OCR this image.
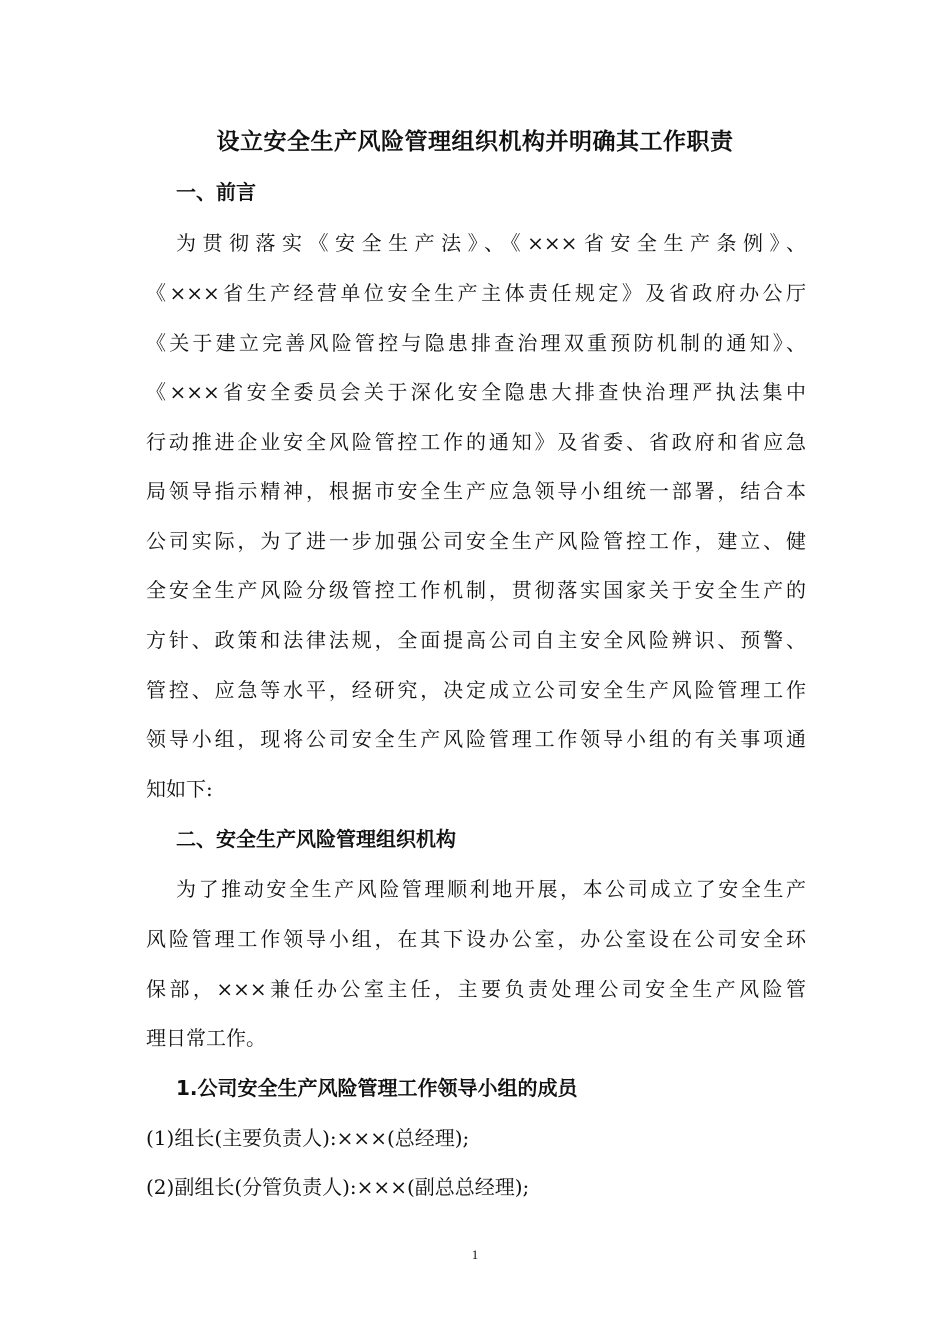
设立安全生产风险管理组织机构并明确其工作职责
一、前言
为贯彻落实《安全生产法》、《×××省安全生产条例》、
《×××省生产经营单位安全生产主体责任规定》及省政府办公厅
《关于建立完善风险管控与隐患排查治理双重预防机制的通知》、
《×××省安全委员会关于深化安全隐患大排查快治理严执法集中
行动推进企业安全风险管控工作的通知》及省委、省政府和省应急
局领导指示精神，根据市安全生产应急领导小组统一部署，结合本
公司实际，为了进一步加强公司安全生产风险管控工作，建立、健
全安全生产风险分级管控工作机制，贯彻落实国家关于安全生产的
方针、政策和法律法规，全面提高公司自主安全风险辨识、预警、
管控、应急等水平，经研究，决定成立公司安全生产风险管理工作
领导小组，现将公司安全生产风险管理工作领导小组的有关事项通
知如下:
二、安全生产风险管理组织机构
为了推动安全生产风险管理顺利地开展，本公司成立了安全生产
风险管理工作领导小组，在其下设办公室，办公室设在公司安全环
保部，×××兼任办公室主任，主要负责处理公司安全生产风险管
理日常工作。
1.公司安全生产风险管理工作领导小组的成员
(1)组长(主要负责人):×××(总经理);
(2)副组长(分管负责人):×××(副总总经理);
1
